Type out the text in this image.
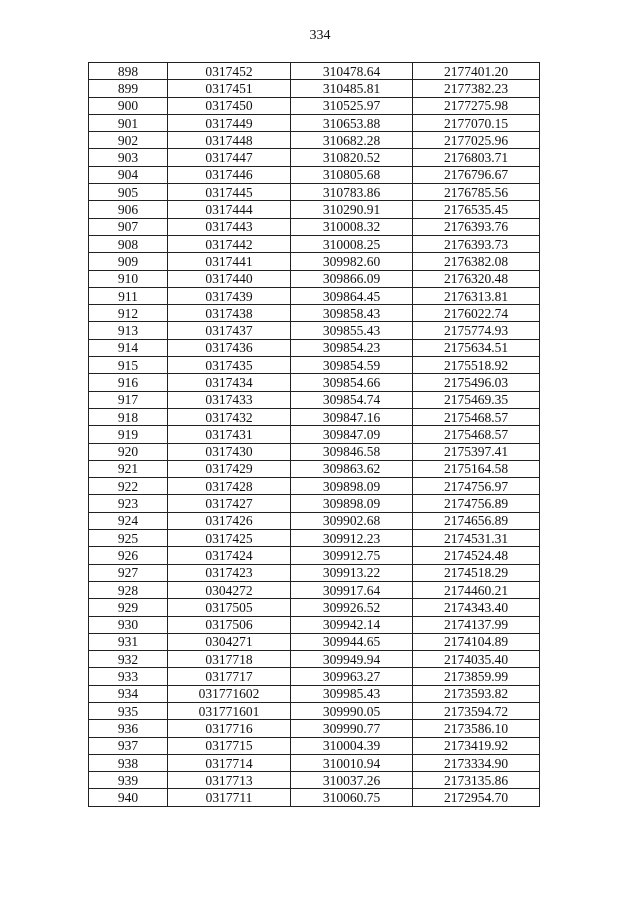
334
898	0317452	310478.64	2177401.20
899	0317451	310485.81	2177382.23
900	0317450	310525.97	2177275.98
901	0317449	310653.88	2177070.15
902	0317448	310682.28	2177025.96
903	0317447	310820.52	2176803.71
904	0317446	310805.68	2176796.67
905	0317445	310783.86	2176785.56
906	0317444	310290.91	2176535.45
907	0317443	310008.32	2176393.76
908	0317442	310008.25	2176393.73
909	0317441	309982.60	2176382.08
910	0317440	309866.09	2176320.48
911	0317439	309864.45	2176313.81
912	0317438	309858.43	2176022.74
913	0317437	309855.43	2175774.93
914	0317436	309854.23	2175634.51
915	0317435	309854.59	2175518.92
916	0317434	309854.66	2175496.03
917	0317433	309854.74	2175469.35
918	0317432	309847.16	2175468.57
919	0317431	309847.09	2175468.57
920	0317430	309846.58	2175397.41
921	0317429	309863.62	2175164.58
922	0317428	309898.09	2174756.97
923	0317427	309898.09	2174756.89
924	0317426	309902.68	2174656.89
925	0317425	309912.23	2174531.31
926	0317424	309912.75	2174524.48
927	0317423	309913.22	2174518.29
928	0304272	309917.64	2174460.21
929	0317505	309926.52	2174343.40
930	0317506	309942.14	2174137.99
931	0304271	309944.65	2174104.89
932	0317718	309949.94	2174035.40
933	0317717	309963.27	2173859.99
934	031771602	309985.43	2173593.82
935	031771601	309990.05	2173594.72
936	0317716	309990.77	2173586.10
937	0317715	310004.39	2173419.92
938	0317714	310010.94	2173334.90
939	0317713	310037.26	2173135.86
940	0317711	310060.75	2172954.70
